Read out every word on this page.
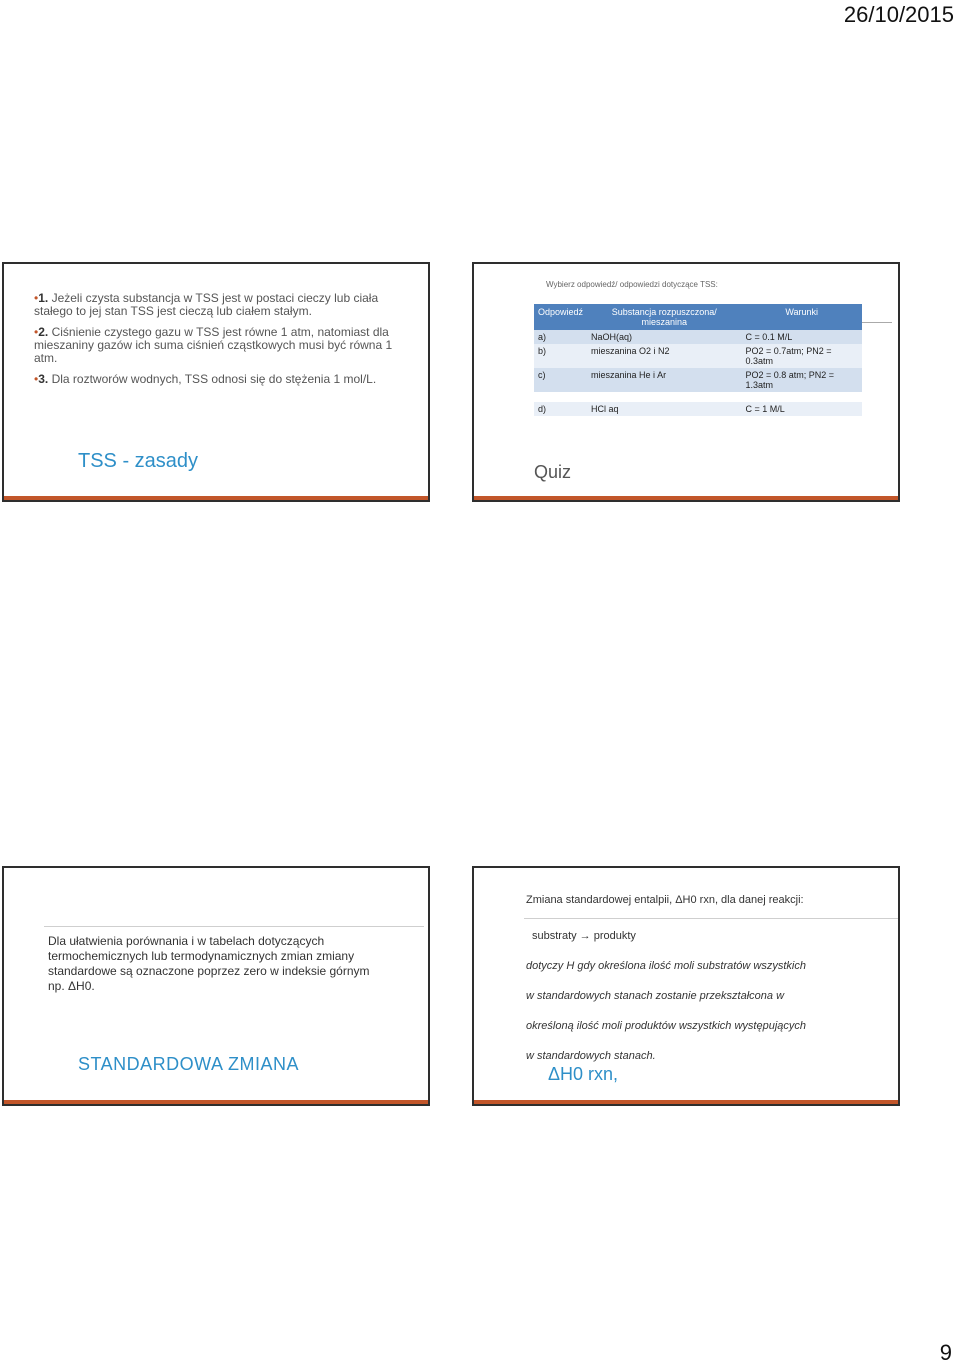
26/10/2015
•1. Jeżeli czysta substancja w TSS jest w postaci cieczy lub ciała stałego to jej stan TSS jest cieczą lub ciałem stałym.
•2. Ciśnienie czystego gazu w TSS jest równe 1 atm, natomiast dla mieszaniny gazów ich suma ciśnień cząstkowych musi być równa 1 atm.
•3. Dla roztworów wodnych, TSS odnosi się do stężenia 1 mol/L.
TSS - zasady
Wybierz odpowiedź/ odpowiedzi dotyczące TSS:
Odpowiedź	Substancja rozpuszczona/ mieszanina	Warunki
a)	NaOH(aq)	C = 0.1 M/L
b)	mieszanina O2 i N2	PO2 = 0.7atm; PN2 = 0.3atm
c)	mieszanina He i Ar	PO2 = 0.8 atm; PN2 = 1.3atm

d)	HCl aq	C = 1 M/L
Quiz
Dla ułatwienia porównania i w tabelach dotyczących termochemicznych lub termodynamicznych zmian zmiany standardowe są oznaczone poprzez zero w indeksie górnym np. ΔH0.
STANDARDOWA ZMIANA
Zmiana standardowej entalpii, ΔH0 rxn, dla danej reakcji:
substraty → produkty
dotyczy H gdy określona ilość moli substratów wszystkich
w standardowych stanach zostanie przekształcona w
określoną ilość moli produktów wszystkich występujących
w standardowych stanach.
ΔH0 rxn,
9
